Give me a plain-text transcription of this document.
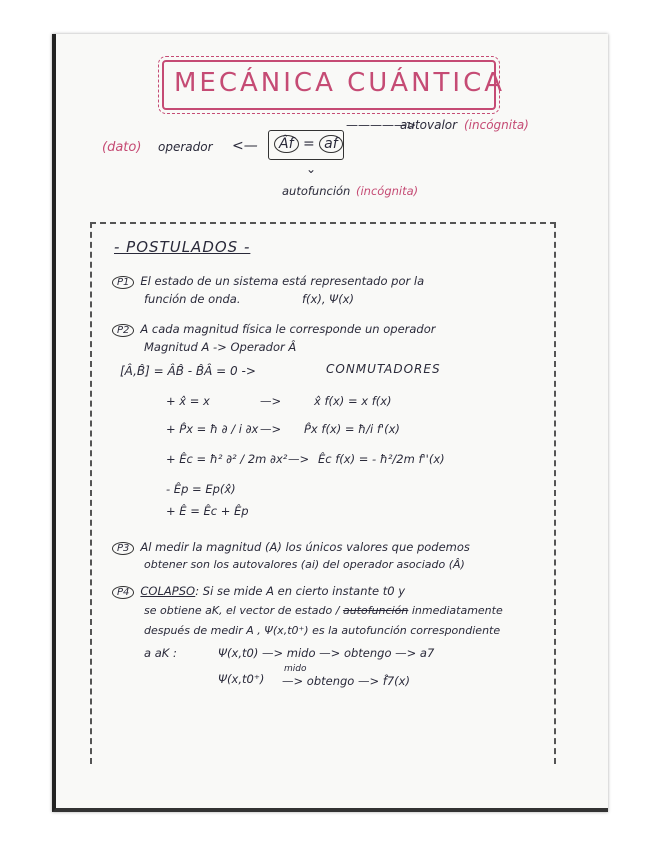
MECÁNICA CUÁNTICA
(dato) operador <—	Âf = af
—————>
autovalor (incógnita)
⌄
autofunción (incógnita)
- POSTULADOS -
P1 El estado de un sistema está representado por la
función de onda.	f(x), Ψ(x)
P2 A cada magnitud física le corresponde un operador
Magnitud A -> Operador Â
[Â,B̂] = ÂB̂ - B̂Â = 0 ->	CONMUTADORES
+ x̂ = x	—>	x̂ f(x) = x f(x)
+ P̂x = ħ ∂ / i ∂x —> P̂x f(x) = ħ/i f'(x)
+ Êc = ħ² ∂² / 2m ∂x² —> Êc f(x) = - ħ²/2m f''(x)
- Êp = Ep(x̂)
+ Ê = Êc + Êp
P3 Al medir la magnitud (A) los únicos valores que podemos
obtener son los autovalores (ai) del operador asociado (Â)
P4 COLAPSO: Si se mide A en cierto instante t0 y
se obtiene aK, el vector de estado / autofunción inmediatamente
después de medir A , Ψ(x,t0⁺) es la autofunción correspondiente
a aK :	Ψ(x,t0) —> mido —> obtengo —> a7
Ψ(x,t0⁺)
mido
—> obtengo —> f̂7(x)
